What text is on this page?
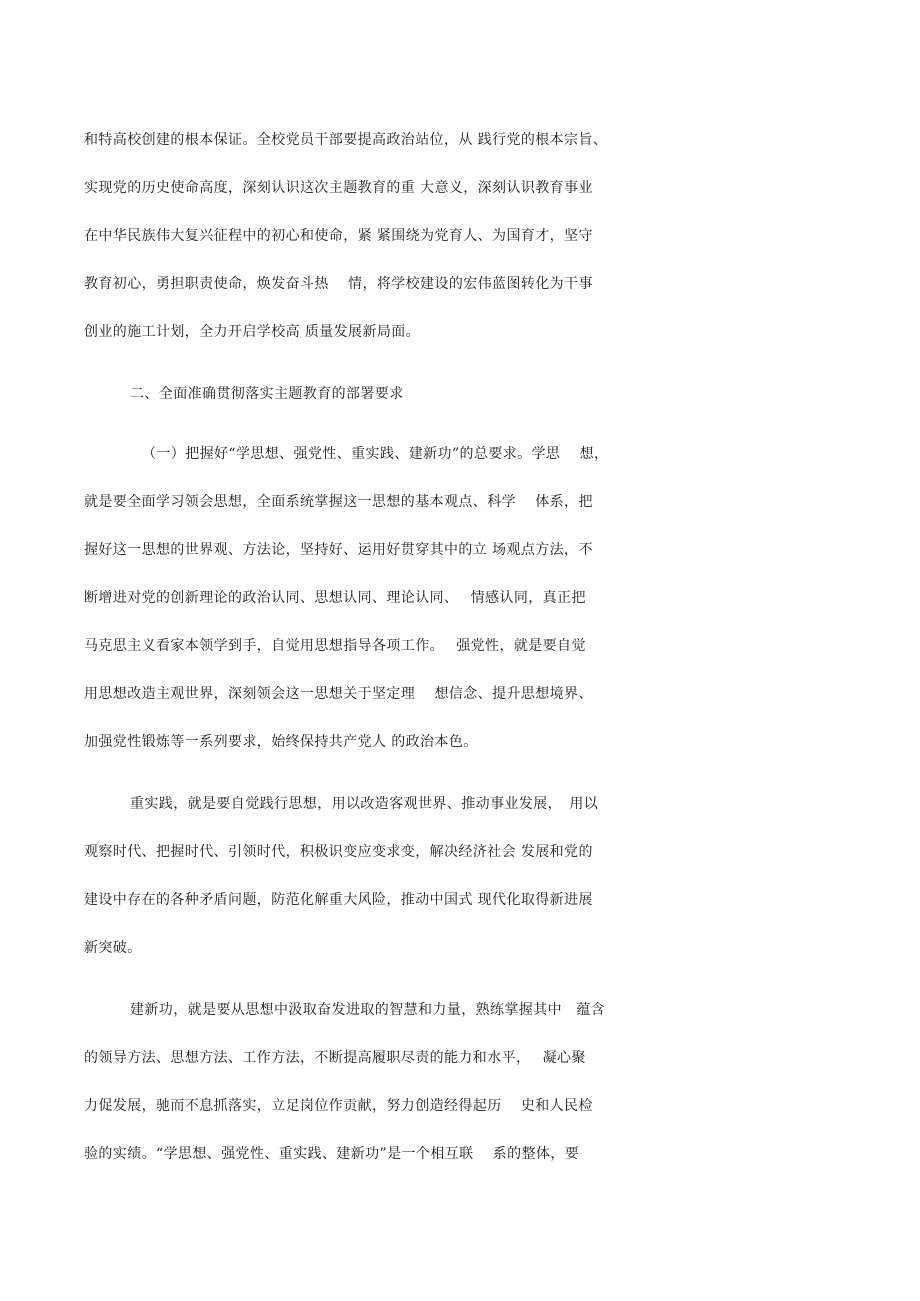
和特高校创建的根本保证。全校党员干部要提高政治站位，从 践行党的根本宗旨、
实现党的历史使命高度，深刻认识这次主题教育的重 大意义，深刻认识教育事业
在中华民族伟大复兴征程中的初心和使命，紧 紧围绕为党育人、为国育才，坚守
教育初心，勇担职责使命，焕发奋斗热　 情，将学校建设的宏伟蓝图转化为干事
创业的施工计划，全力开启学校高 质量发展新局面。
二、全面准确贯彻落实主题教育的部署要求
（一）把握好“学思想、强党性、重实践、建新功”的总要求。学思　 想，
就是要全面学习领会思想，全面系统掌握这一思想的基本观点、科学　 体系，把
握好这一思想的世界观、方法论，坚持好、运用好贯穿其中的立 场观点方法，不
断增进对党的创新理论的政治认同、思想认同、理论认同、　 情感认同，真正把
马克思主义看家本领学到手，自觉用思想指导各项工作。　 强党性，就是要自觉
用思想改造主观世界，深刻领会这一思想关于坚定理　 想信念、提升思想境界、
加强党性锻炼等一系列要求，始终保持共产党人 的政治本色。
重实践，就是要自觉践行思想，用以改造客观世界、推动事业发展，　用以
观察时代、把握时代、引领时代，积极识变应变求变，解决经济社会 发展和党的
建设中存在的各种矛盾问题，防范化解重大风险，推动中国式 现代化取得新进展
新突破。
建新功，就是要从思想中汲取奋发进取的智慧和力量，熟练掌握其中　蕴含
的领导方法、思想方法、工作方法，不断提高履职尽责的能力和水平，　 凝心聚
力促发展，驰而不息抓落实，立足岗位作贡献，努力创造经得起历　 史和人民检
验的实绩。“学思想、强党性、重实践、建新功”是一个相互联　 系的整体，要
